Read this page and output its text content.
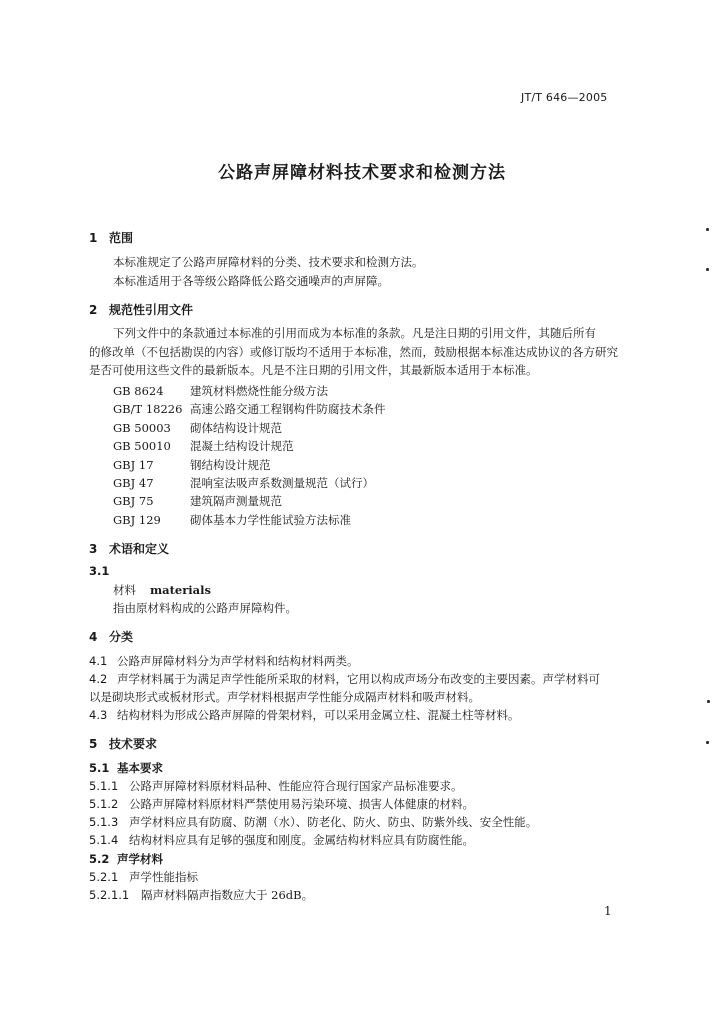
JT/T 646—2005
公路声屏障材料技术要求和检测方法
1 范围
本标准规定了公路声屏障材料的分类、技术要求和检测方法。
本标准适用于各等级公路降低公路交通噪声的声屏障。
2 规范性引用文件
下列文件中的条款通过本标准的引用而成为本标准的条款。凡是注日期的引用文件，其随后所有
的修改单（不包括勘误的内容）或修订版均不适用于本标准，然而，鼓励根据本标准达成协议的各方研究
是否可使用这些文件的最新版本。凡是不注日期的引用文件，其最新版本适用于本标准。
GB 8624 建筑材料燃烧性能分级方法
GB/T 18226 高速公路交通工程钢构件防腐技术条件
GB 50003 砌体结构设计规范
GB 50010 混凝土结构设计规范
GBJ 17	钢结构设计规范
GBJ 47	混响室法吸声系数测量规范（试行）
GBJ 75	建筑隔声测量规范
GBJ 129	砌体基本力学性能试验方法标准
3 术语和定义
3.1
材料 materials
指由原材料构成的公路声屏障构件。
4 分类
4.1 公路声屏障材料分为声学材料和结构材料两类。
4.2 声学材料属于为满足声学性能所采取的材料，它用以构成声场分布改变的主要因素。声学材料可
以是砌块形式或板材形式。声学材料根据声学性能分成隔声材料和吸声材料。
4.3 结构材料为形成公路声屏障的骨架材料，可以采用金属立柱、混凝土柱等材料。
5 技术要求
5.1 基本要求
5.1.1 公路声屏障材料原材料品种、性能应符合现行国家产品标准要求。
5.1.2 公路声屏障材料原材料严禁使用易污染环境、损害人体健康的材料。
5.1.3 声学材料应具有防腐、防潮（水）、防老化、防火、防虫、防紫外线、安全性能。
5.1.4 结构材料应具有足够的强度和刚度。金属结构材料应具有防腐性能。
5.2 声学材料
5.2.1 声学性能指标
5.2.1.1 隔声材料隔声指数应大于 26dB。
1
